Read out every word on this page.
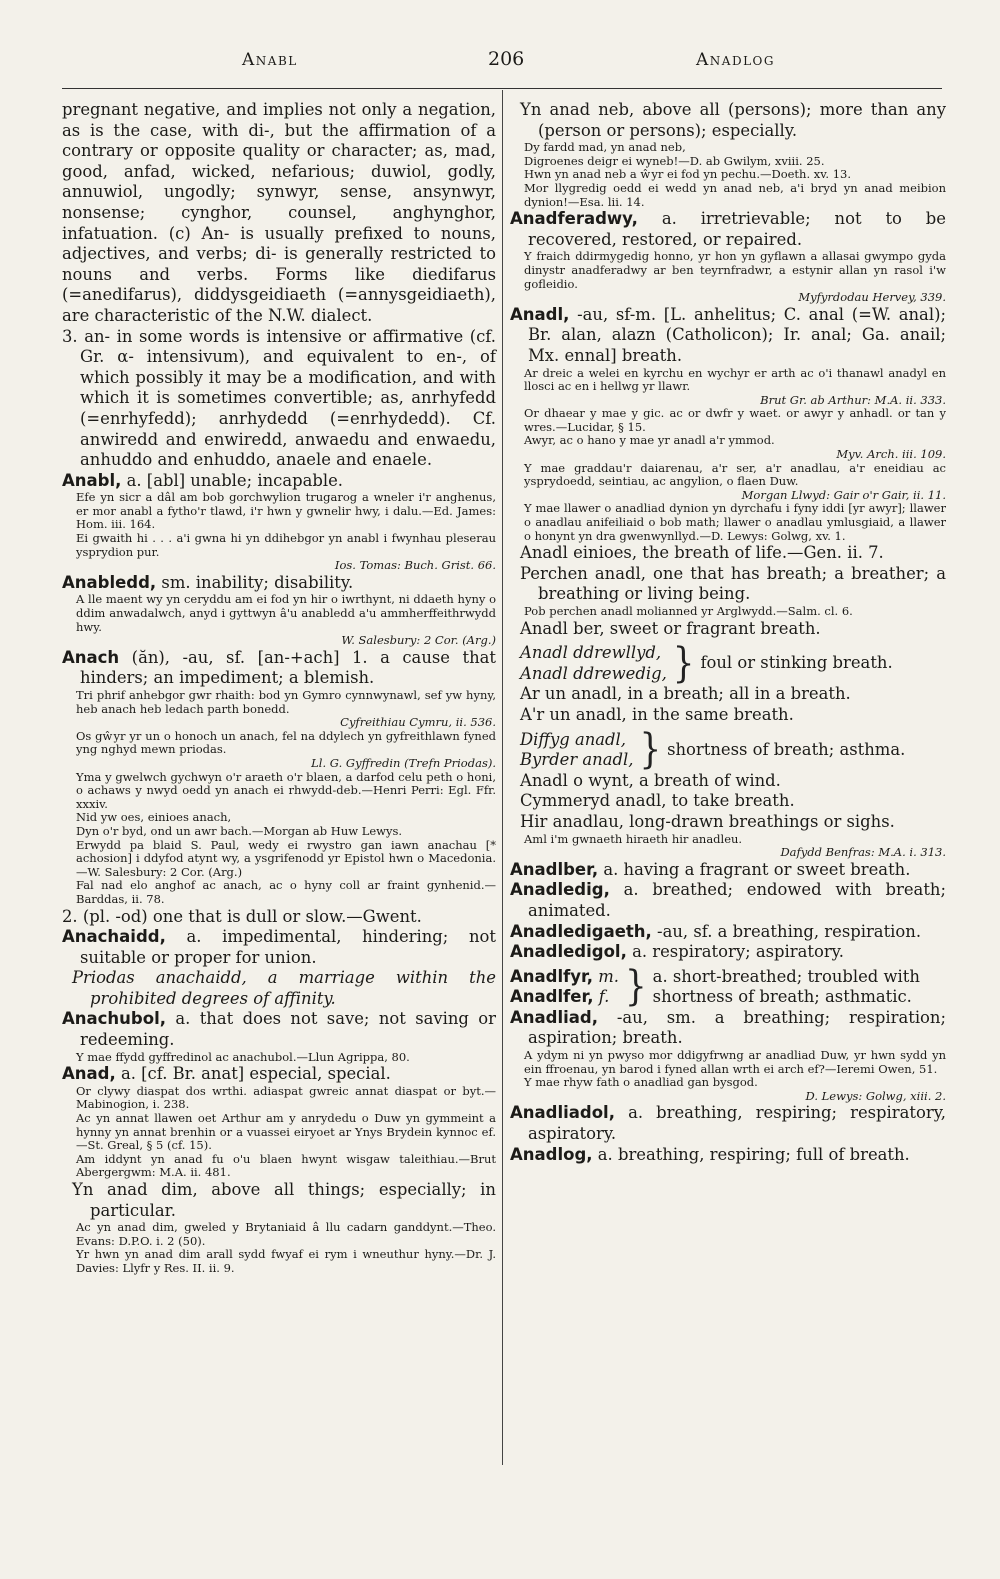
Anabl	206	Anadlog

pregnant negative, and implies not only a negation, as is the case, with di-, but the affirmation of a contrary or opposite quality or character; as, mad, good, anfad, wicked, nefarious; duwiol, godly, annuwiol, ungodly; synwyr, sense, ansynwyr, nonsense; cynghor, counsel, anghynghor, infatuation. (c) An- is usually prefixed to nouns, adjectives, and verbs; di- is generally restricted to nouns and verbs. Forms like diedifarus (=anedifarus), diddysgeidiaeth (=annysgeidiaeth), are characteristic of the N.W. dialect.

3. an- in some words is intensive or affirmative (cf. Gr. α- intensivum), and equivalent to en-, of which possibly it may be a modification, and with which it is sometimes convertible; as, anrhyfedd (=enrhyfedd); anrhydedd (=enrhydedd). Cf. anwiredd and enwiredd, anwaedu and enwaedu, anhuddo and enhuddo, anaele and enaele.

Anabl, a. [abl] unable; incapable.

Efe yn sicr a dâl am bob gorchwylion trugarog a wneler i'r anghenus, er mor anabl a fytho'r tlawd, i'r hwn y gwnelir hwy, i dalu.—Ed. James: Hom. iii. 164.

Ei gwaith hi . . . a'i gwna hi yn ddihebgor yn anabl i fwynhau pleserau ysprydion pur.

Ios. Tomas: Buch. Grist. 66.

Anabledd, sm. inability; disability.

A lle maent wy yn ceryddu am ei fod yn hir o iwrthynt, ni ddaeth hyny o ddim anwadalwch, anyd i gyttwyn â'u anabledd a'u ammherffeithrwydd hwy.

W. Salesbury: 2 Cor. (Arg.)

Anach (ăn), -au, sf. [an-+ach] 1. a cause that hinders; an impediment; a blemish.

Tri phrif anhebgor gwr rhaith: bod yn Gymro cynnwynawl, sef yw hyny, heb anach heb ledach parth bonedd.

Cyfreithiau Cymru, ii. 536.

Os gŵyr yr un o honoch un anach, fel na ddylech yn gyfreithlawn fyned yng nghyd mewn priodas.

Ll. G. Gyffredin (Trefn Priodas).

Yma y gwelwch gychwyn o'r araeth o'r blaen, a darfod celu peth o honi, o achaws y nwyd oedd yn anach ei rhwydd-deb.—Henri Perri: Egl. Ffr. xxxiv.

Nid yw oes, einioes anach,
Dyn o'r byd, ond un awr bach.—Morgan ab Huw Lewys.

Erwydd pa blaid S. Paul, wedy ei rwystro gan iawn anachau [* achosion] i ddyfod atynt wy, a ysgrifenodd yr Epistol hwn o Macedonia.—W. Salesbury: 2 Cor. (Arg.)

Fal nad elo anghof ac anach, ac o hyny coll ar fraint gynhenid.—Barddas, ii. 78.

2. (pl. -od) one that is dull or slow.—Gwent.

Anachaidd, a. impedimental, hindering; not suitable or proper for union.

Priodas anachaidd, a marriage within the prohibited degrees of affinity.

Anachubol, a. that does not save; not saving or redeeming.

Y mae ffydd gyffredinol ac anachubol.—Llun Agrippa, 80.

Anad, a. [cf. Br. anat] especial, special.

Or clywy diaspat dos wrthi. adiaspat gwreic annat diaspat or byt.—Mabinogion, i. 238.

Ac yn annat llawen oet Arthur am y anrydedu o Duw yn gymmeint a hynny yn annat brenhin or a vuassei eiryoet ar Ynys Brydein kynnoc ef.—St. Greal, § 5 (cf. 15).

Am iddynt yn anad fu o'u blaen hwynt wisgaw taleithiau.—Brut Abergergwm: M.A. ii. 481.

Yn anad dim, above all things; especially; in particular.

Ac yn anad dim, gweled y Brytaniaid â llu cadarn ganddynt.—Theo. Evans: D.P.O. i. 2 (50).

Yr hwn yn anad dim arall sydd fwyaf ei rym i wneuthur hyny.—Dr. J. Davies: Llyfr y Res. II. ii. 9.

Yn anad neb, above all (persons); more than any (person or persons); especially.

Dy fardd mad, yn anad neb,
Digroenes deigr ei wyneb!—D. ab Gwilym, xviii. 25.

Hwn yn anad neb a ŵyr ei fod yn pechu.—Doeth. xv. 13.

Mor llygredig oedd ei wedd yn anad neb, a'i bryd yn anad meibion dynion!—Esa. lii. 14.

Anadferadwy, a. irretrievable; not to be recovered, restored, or repaired.

Y fraich ddirmygedig honno, yr hon yn gyflawn a allasai gwympo gyda dinystr anadferadwy ar ben teyrnfradwr, a estynir allan yn rasol i'w gofleidio.

Myfyrdodau Hervey, 339.

Anadl, -au, sf-m. [L. anhelitus; C. anal (=W. anal); Br. alan, alazn (Catholicon); Ir. anal; Ga. anail; Mx. ennal] breath.

Ar dreic a welei en kyrchu en wychyr er arth ac o'i thanawl anadyl en llosci ac en i hellwg yr llawr.

Brut Gr. ab Arthur: M.A. ii. 333.

Or dhaear y mae y gic. ac or dwfr y waet. or awyr y anhadl. or tan y wres.—Lucidar, § 15.

Awyr, ac o hano y mae yr anadl a'r ymmod.

Myv. Arch. iii. 109.

Y mae graddau'r daiarenau, a'r ser, a'r anadlau, a'r eneidiau ac ysprydoedd, seintiau, ac angylion, o flaen Duw.

Morgan Llwyd: Gair o'r Gair, ii. 11.

Y mae llawer o anadliad dynion yn dyrchafu i fyny iddi [yr awyr]; llawer o anadlau anifeiliaid o bob math; llawer o anadlau ymlusgiaid, a llawer o honynt yn dra gwenwynllyd.—D. Lewys: Golwg, xv. 1.

Anadl einioes, the breath of life.—Gen. ii. 7.

Perchen anadl, one that has breath; a breather; a breathing or living being.

Pob perchen anadl molianned yr Arglwydd.—Salm. cl. 6.

Anadl ber, sweet or fragrant breath.

Anadl ddrewllyd,
Anadl ddrewedig, } foul or stinking breath.

Ar un anadl, in a breath; all in a breath.

A'r un anadl, in the same breath.

Diffyg anadl,
Byrder anadl, } shortness of breath; asthma.

Anadl o wynt, a breath of wind.

Cymmeryd anadl, to take breath.

Hir anadlau, long-drawn breathings or sighs.

Aml i'm gwnaeth hiraeth hir anadleu.

Dafydd Benfras: M.A. i. 313.

Anadlber, a. having a fragrant or sweet breath.

Anadledig, a. breathed; endowed with breath; animated.

Anadledigaeth, -au, sf. a breathing, respiration.

Anadledigol, a. respiratory; aspiratory.

Anadlfyr, m.
Anadlfer, f. } a. short-breathed; troubled with shortness of breath; asthmatic.

Anadliad, -au, sm. a breathing; respiration; aspiration; breath.

A ydym ni yn pwyso mor ddigyfrwng ar anadliad Duw, yr hwn sydd yn ein ffroenau, yn barod i fyned allan wrth ei arch ef?—Ieremi Owen, 51.

Y mae rhyw fath o anadliad gan bysgod.

D. Lewys: Golwg, xiii. 2.

Anadliadol, a. breathing, respiring; respiratory, aspiratory.

Anadlog, a. breathing, respiring; full of breath.
